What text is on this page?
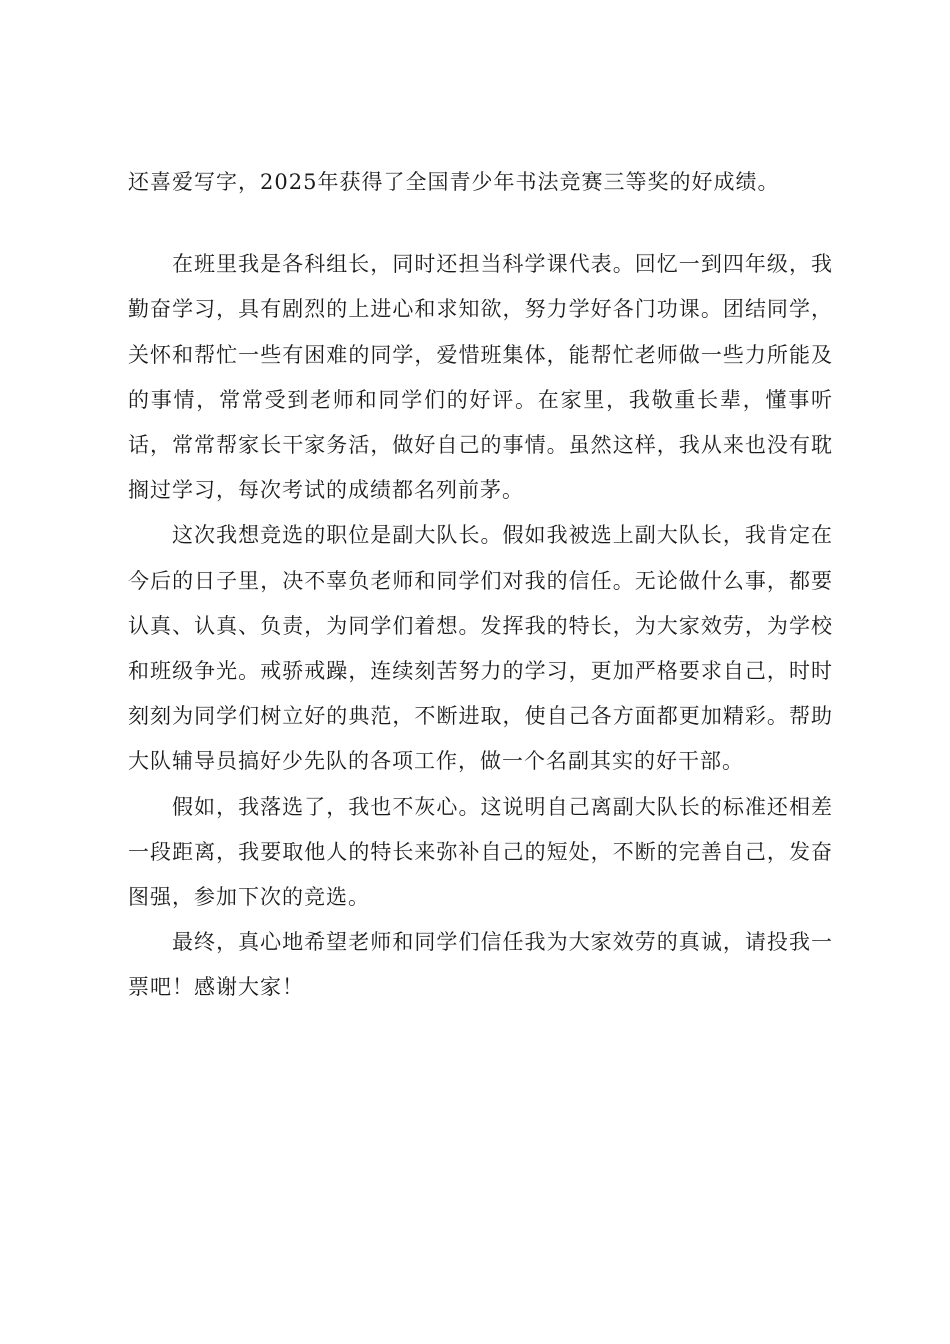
还喜爱写字，2025年获得了全国青少年书法竞赛三等奖的好成绩。

在班里我是各科组长，同时还担当科学课代表。回忆一到四年级，我勤奋学习，具有剧烈的上进心和求知欲，努力学好各门功课。团结同学，关怀和帮忙一些有困难的同学，爱惜班集体，能帮忙老师做一些力所能及的事情，常常受到老师和同学们的好评。在家里，我敬重长辈，懂事听话，常常帮家长干家务活，做好自己的事情。虽然这样，我从来也没有耽搁过学习，每次考试的成绩都名列前茅。

这次我想竞选的职位是副大队长。假如我被选上副大队长，我肯定在今后的日子里，决不辜负老师和同学们对我的信任。无论做什么事，都要认真、认真、负责，为同学们着想。发挥我的特长，为大家效劳，为学校和班级争光。戒骄戒躁，连续刻苦努力的学习，更加严格要求自己，时时刻刻为同学们树立好的典范，不断进取，使自己各方面都更加精彩。帮助大队辅导员搞好少先队的各项工作，做一个名副其实的好干部。

假如，我落选了，我也不灰心。这说明自己离副大队长的标准还相差一段距离，我要取他人的特长来弥补自己的短处，不断的完善自己，发奋图强，参加下次的竞选。

最终，真心地希望老师和同学们信任我为大家效劳的真诚，请投我一票吧！感谢大家！
